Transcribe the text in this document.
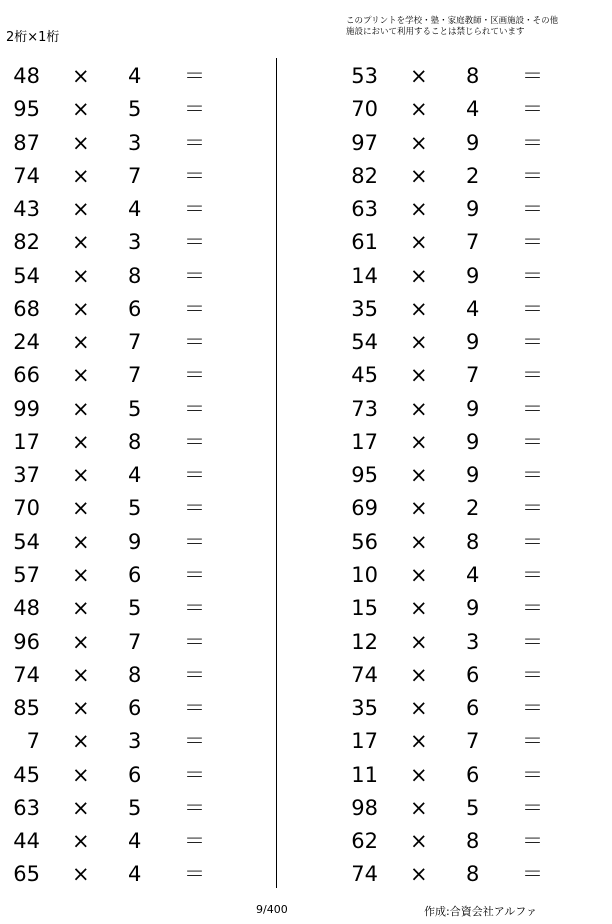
2桁×1桁
このプリントを学校・塾・家庭教師・区画施設・その他
施設において利用することは禁じられています
48 × 4 ＝
95 × 5 ＝
87 × 3 ＝
74 × 7 ＝
43 × 4 ＝
82 × 3 ＝
54 × 8 ＝
68 × 6 ＝
24 × 7 ＝
66 × 7 ＝
99 × 5 ＝
17 × 8 ＝
37 × 4 ＝
70 × 5 ＝
54 × 9 ＝
57 × 6 ＝
48 × 5 ＝
96 × 7 ＝
74 × 8 ＝
85 × 6 ＝
7 × 3 ＝
45 × 6 ＝
63 × 5 ＝
44 × 4 ＝
65 × 4 ＝
53 × 8 ＝
70 × 4 ＝
97 × 9 ＝
82 × 2 ＝
63 × 9 ＝
61 × 7 ＝
14 × 9 ＝
35 × 4 ＝
54 × 9 ＝
45 × 7 ＝
73 × 9 ＝
17 × 9 ＝
95 × 9 ＝
69 × 2 ＝
56 × 8 ＝
10 × 4 ＝
15 × 9 ＝
12 × 3 ＝
74 × 6 ＝
35 × 6 ＝
17 × 7 ＝
11 × 6 ＝
98 × 5 ＝
62 × 8 ＝
74 × 8 ＝
9/400	作成:合資会社アルファ
